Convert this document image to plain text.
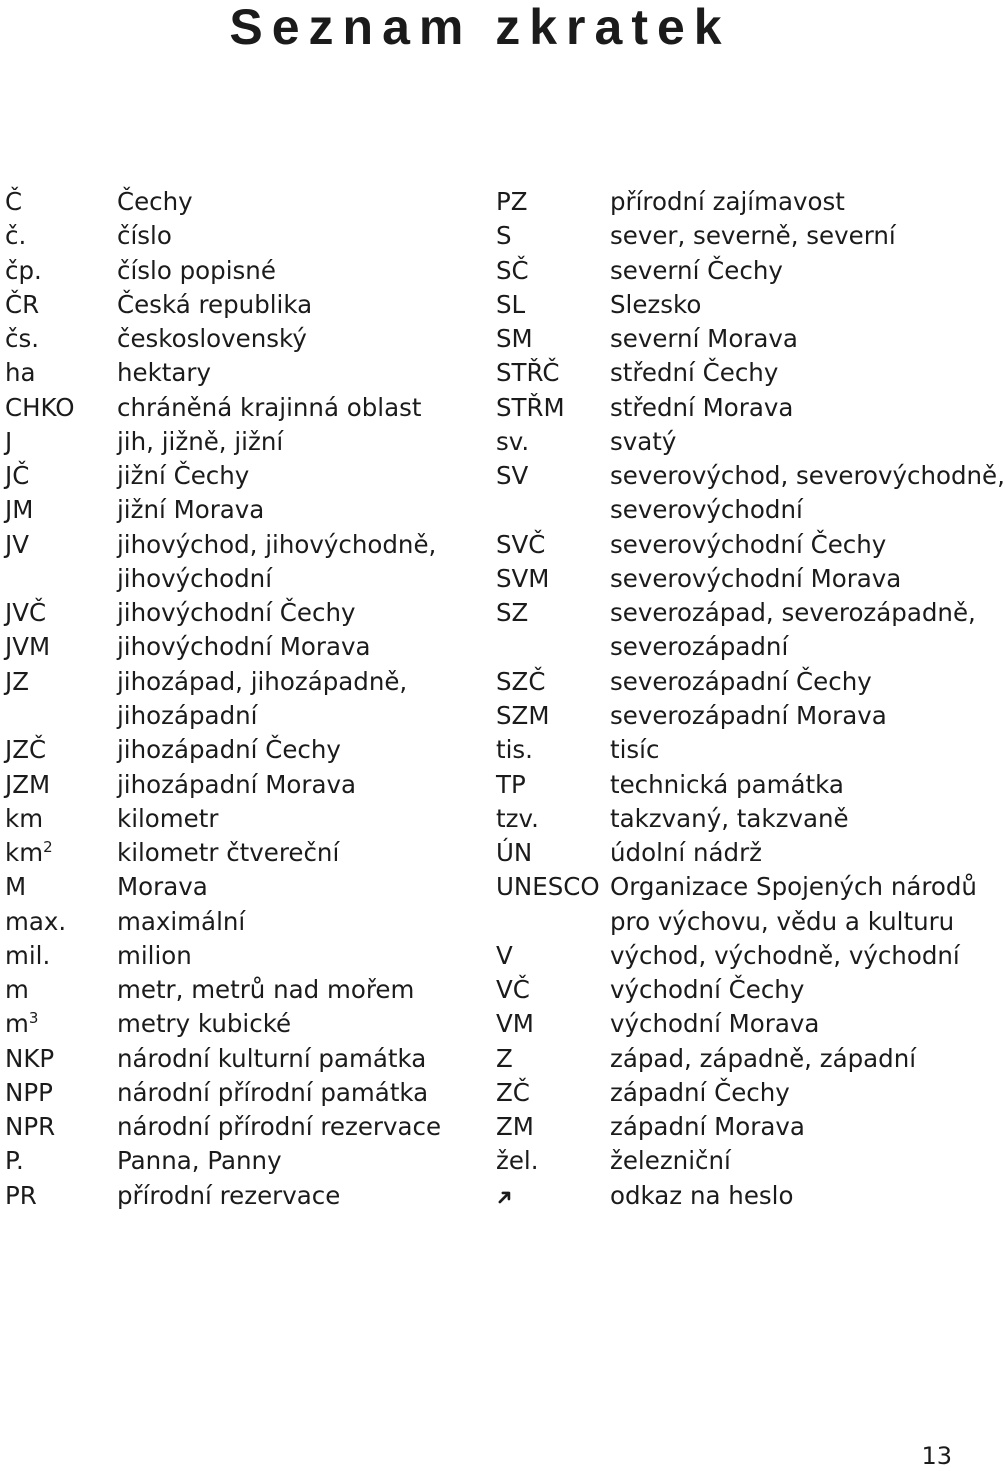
Seznam zkratek
Č	Čechy
č.	číslo
čp.	číslo popisné
ČR	Česká republika
čs.	československý
ha	hektary
CHKO	chráněná krajinná oblast
J	jih, jižně, jižní
JČ	jižní Čechy
JM	jižní Morava
JV	jihovýchod, jihovýchodně,
jihovýchodní
JVČ	jihovýchodní Čechy
JVM	jihovýchodní Morava
JZ	jihozápad, jihozápadně,
jihozápadní
JZČ	jihozápadní Čechy
JZM	jihozápadní Morava
km	kilometr
$km^2$	kilometr čtvereční
M	Morava
max.	maximální
mil.	milion
m	metr, metrů nad mořem
$m^3$	metry kubické
NKP	národní kulturní památka
NPP	národní přírodní památka
NPR	národní přírodní rezervace
P.	Panna, Panny
PR	přírodní rezervace
PZ	přírodní zajímavost
S	sever, severně, severní
SČ	severní Čechy
SL	Slezsko
SM	severní Morava
STŘČ	střední Čechy
STŘM	střední Morava
sv.	svatý
SV	severovýchod, severovýchodně,
severovýchodní
SVČ	severovýchodní Čechy
SVM	severovýchodní Morava
SZ	severozápad, severozápadně,
severozápadní
SZČ	severozápadní Čechy
SZM	severozápadní Morava
tis.	tisíc
TP	technická památka
tzv.	takzvaný, takzvaně
ÚN	údolní nádrž
UNESCO Organizace Spojených národů
pro výchovu, vědu a kulturu
V	východ, východně, východní
VČ	východní Čechy
VM	východní Morava
Z	západ, západně, západní
ZČ	západní Čechy
ZM	západní Morava
žel.	železniční
➜	odkaz na heslo
13
